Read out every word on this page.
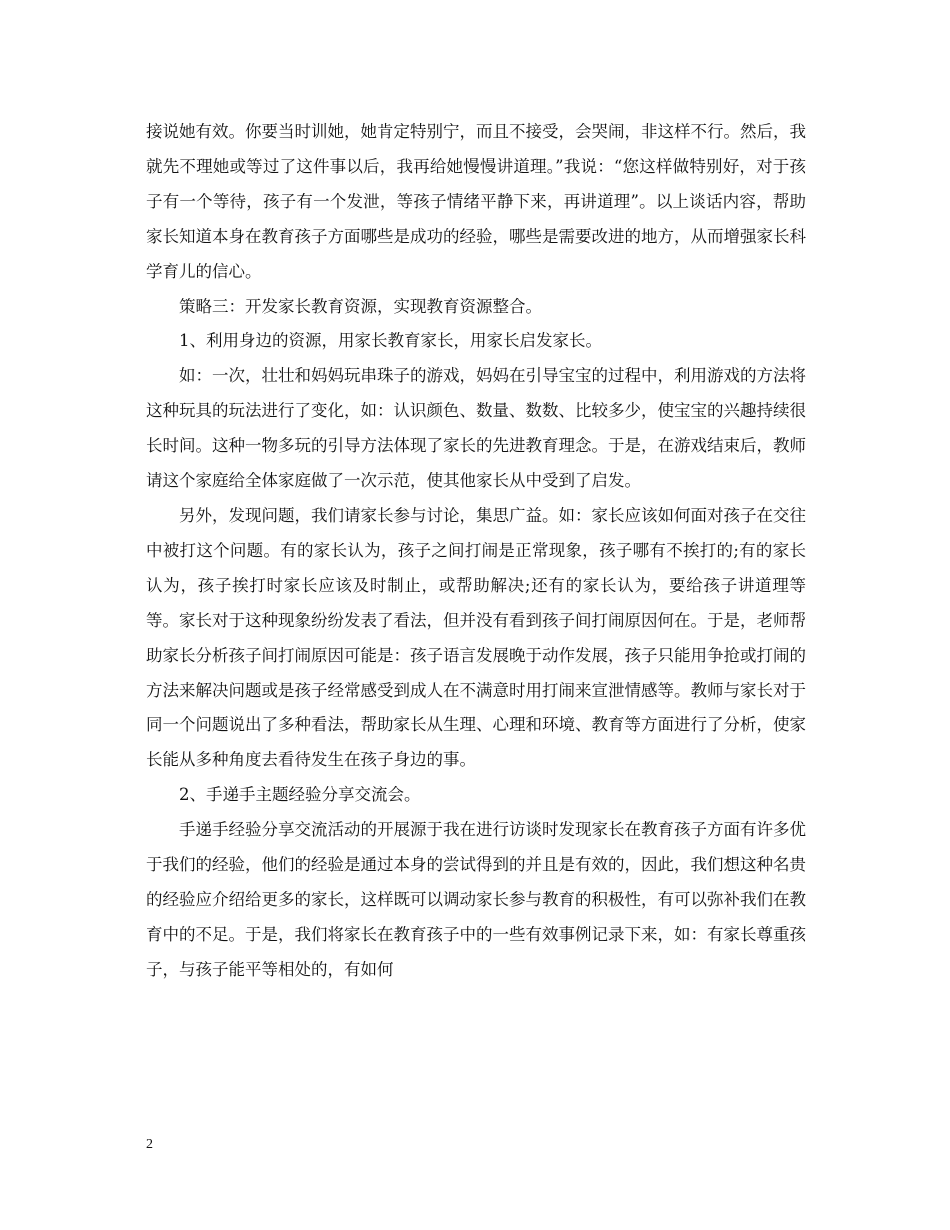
接说她有效。你要当时训她，她肯定特别宁，而且不接受，会哭闹，非这样不行。然后，我就先不理她或等过了这件事以后，我再给她慢慢讲道理。”我说：“您这样做特别好，对于孩子有一个等待，孩子有一个发泄，等孩子情绪平静下来，再讲道理”。以上谈话内容，帮助家长知道本身在教育孩子方面哪些是成功的经验，哪些是需要改进的地方，从而增强家长科学育儿的信心。

策略三：开发家长教育资源，实现教育资源整合。

1、利用身边的资源，用家长教育家长，用家长启发家长。

如：一次，壮壮和妈妈玩串珠子的游戏，妈妈在引导宝宝的过程中，利用游戏的方法将这种玩具的玩法进行了变化，如：认识颜色、数量、数数、比较多少，使宝宝的兴趣持续很长时间。这种一物多玩的引导方法体现了家长的先进教育理念。于是，在游戏结束后，教师请这个家庭给全体家庭做了一次示范，使其他家长从中受到了启发。

另外，发现问题，我们请家长参与讨论，集思广益。如：家长应该如何面对孩子在交往中被打这个问题。有的家长认为，孩子之间打闹是正常现象，孩子哪有不挨打的;有的家长认为，孩子挨打时家长应该及时制止，或帮助解决;还有的家长认为，要给孩子讲道理等等。家长对于这种现象纷纷发表了看法，但并没有看到孩子间打闹原因何在。于是，老师帮助家长分析孩子间打闹原因可能是：孩子语言发展晚于动作发展，孩子只能用争抢或打闹的方法来解决问题或是孩子经常感受到成人在不满意时用打闹来宣泄情感等。教师与家长对于同一个问题说出了多种看法，帮助家长从生理、心理和环境、教育等方面进行了分析，使家长能从多种角度去看待发生在孩子身边的事。

2、手递手主题经验分享交流会。

手递手经验分享交流活动的开展源于我在进行访谈时发现家长在教育孩子方面有许多优于我们的经验，他们的经验是通过本身的尝试得到的并且是有效的，因此，我们想这种名贵的经验应介绍给更多的家长，这样既可以调动家长参与教育的积极性，有可以弥补我们在教育中的不足。于是，我们将家长在教育孩子中的一些有效事例记录下来，如：有家长尊重孩子，与孩子能平等相处的，有如何

2
